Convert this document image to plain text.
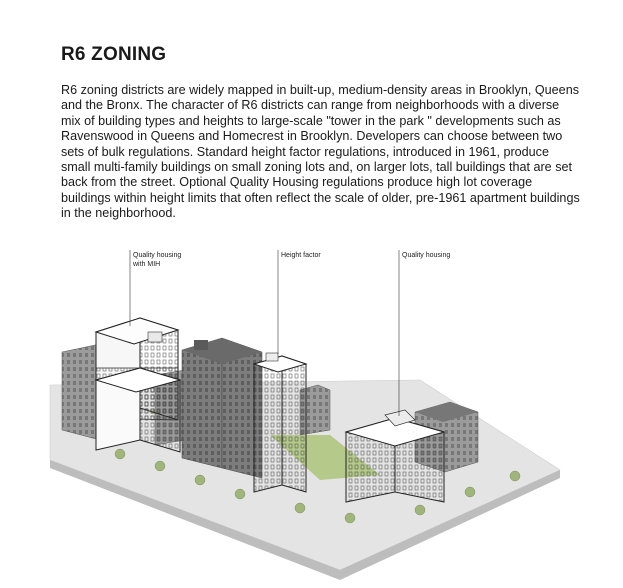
R6 ZONING

R6 zoning districts are widely mapped in built-up, medium-density areas in Brooklyn, Queens and the Bronx. The character of R6 districts can range from neighborhoods with a diverse mix of building types and heights to large-scale "tower in the park " developments such as Ravenswood in Queens and Homecrest in Brooklyn. Developers can choose between two sets of bulk regulations. Standard height factor regulations, introduced in 1961, produce small multi-family buildings on small zoning lots and, on larger lots, tall buildings that are set back from the street. Optional Quality Housing regulations produce high lot coverage buildings within height limits that often reflect the scale of older, pre-1961 apartment buildings in the neighborhood.

Quality housing
with MIH
Height factor	Quality housing
